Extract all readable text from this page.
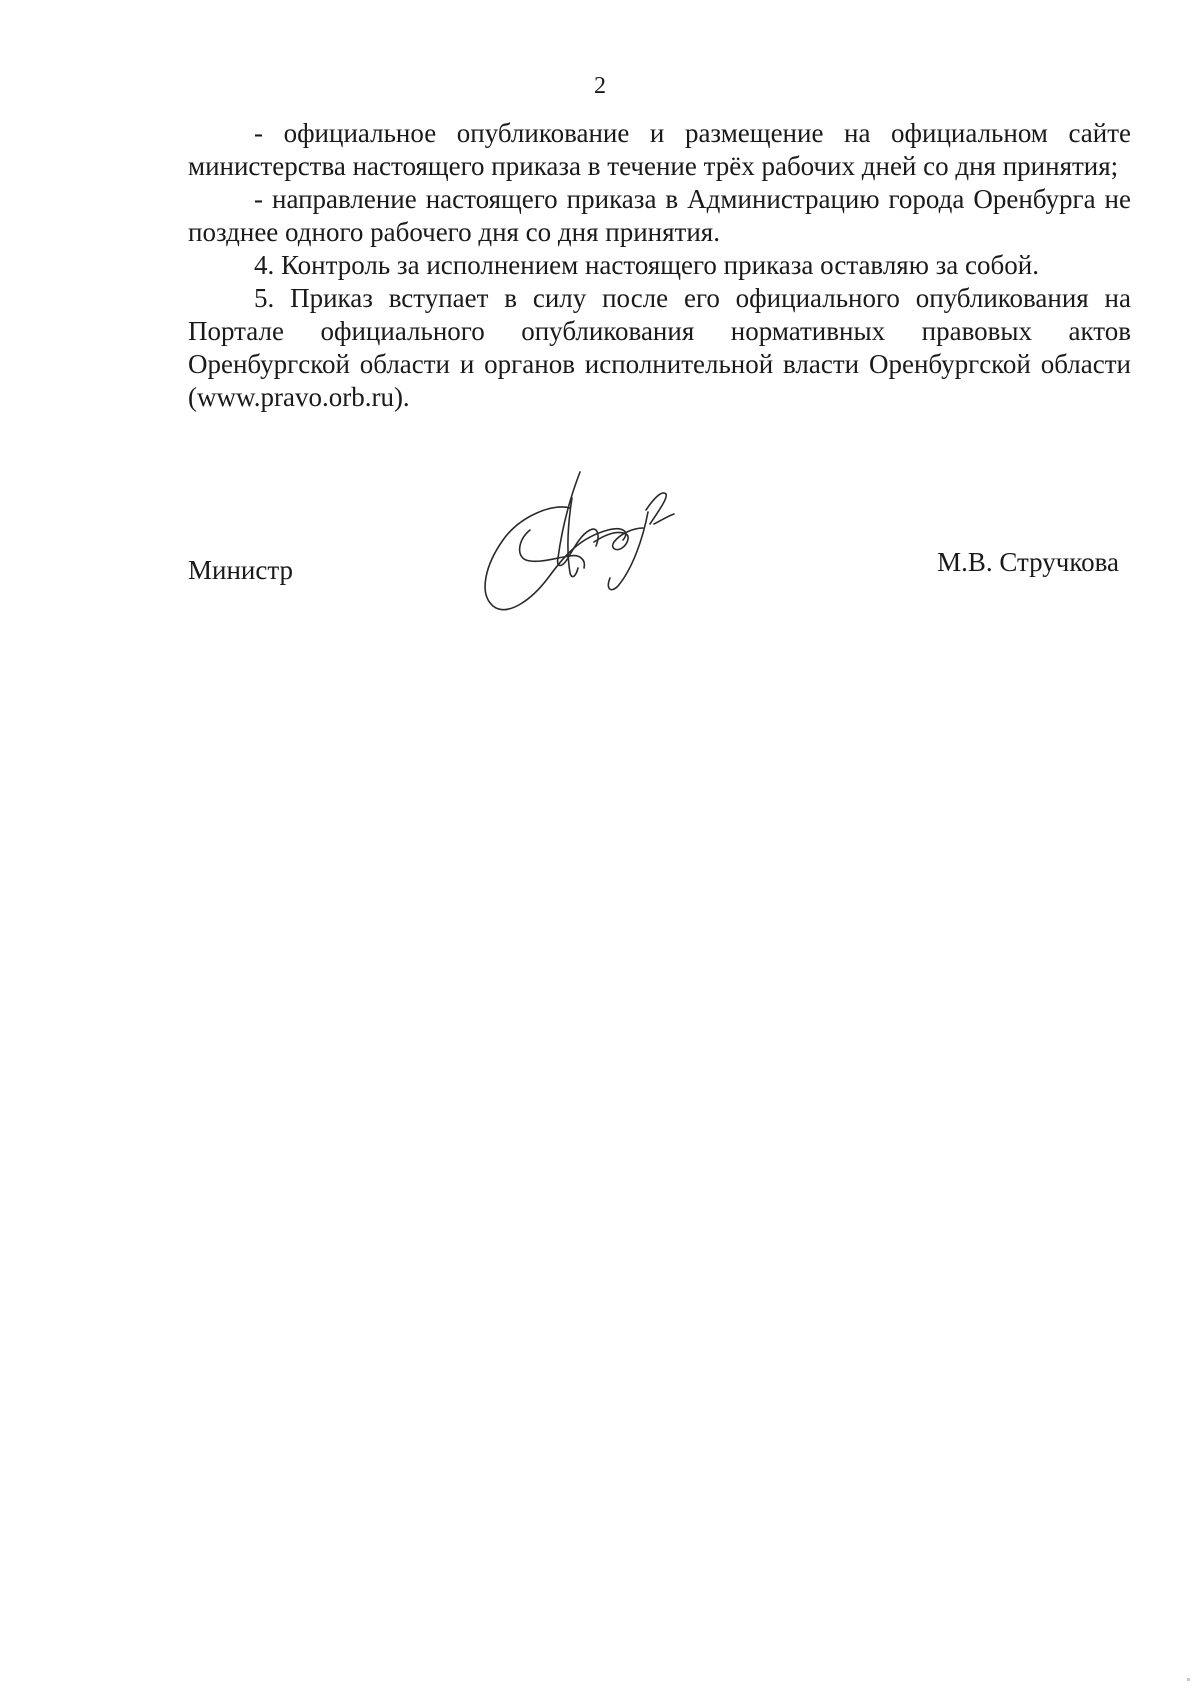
2

- официальное опубликование и размещение на официальном сайте министерства настоящего приказа в течение трёх рабочих дней со дня принятия;

- направление настоящего приказа в Администрацию города Оренбурга не позднее одного рабочего дня со дня принятия.

4. Контроль за исполнением настоящего приказа оставляю за собой.

5. Приказ вступает в силу после его официального опубликования на Портале официального опубликования нормативных правовых актов Оренбургской области и органов исполнительной власти Оренбургской области (www.pravo.orb.ru).

Министр	М.В. Стручкова
